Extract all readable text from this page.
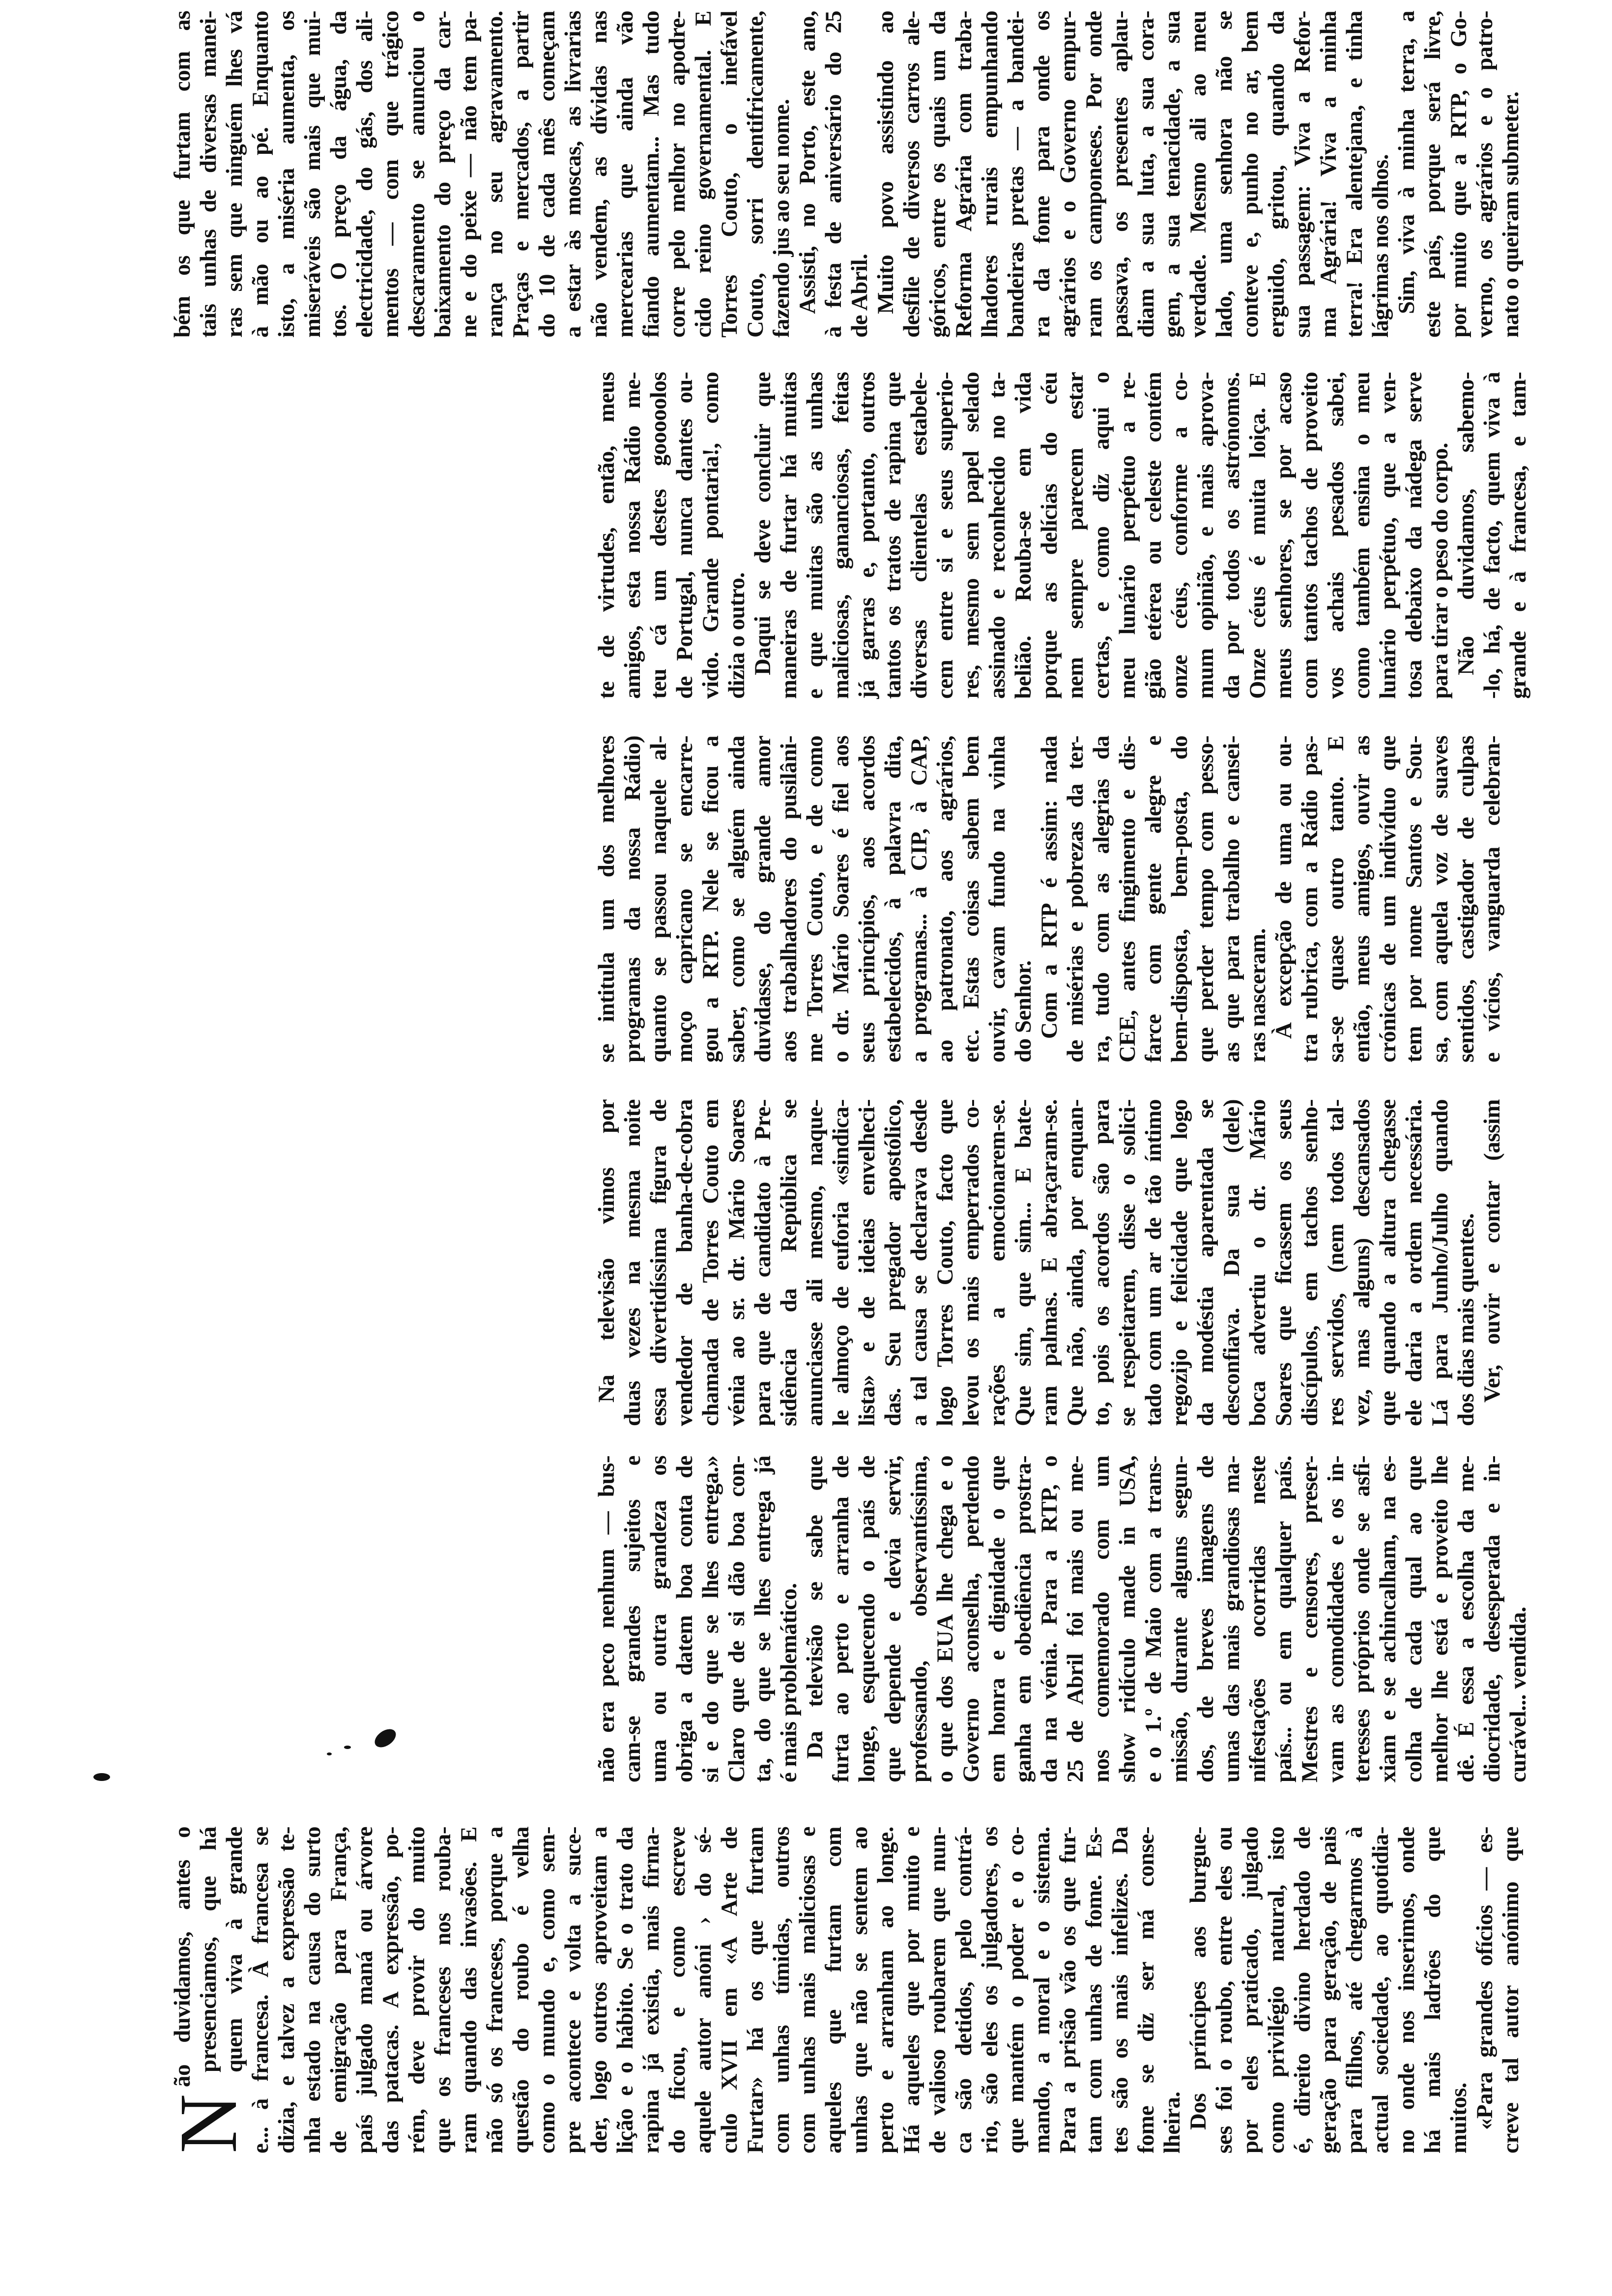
N
ão duvidamos, antes o presenciamos, que há quem viva à grande e... à francesa. À francesa se dizia, e talvez a expressão te- nha estado na causa do surto de emigração para França, país julgado maná ou árvore das patacas. A expressão, po- rém, deve provir do muito que os franceses nos rouba- ram quando das invasões. E não só os franceses, porque a questão do roubo é velha como o mundo e, como sem- pre acontece e volta a suce- der, logo outros aproveitam a lição e o hábito. Se o trato da rapina já existia, mais firma- do ficou, e como escreve aquele autor anóni › do sé- culo XVII em «A Arte de Furtar» há os que furtam com unhas tímidas, outros com unhas mais maliciosas e aqueles que furtam com unhas que não se sentem ao perto e arranham ao longe. Há aqueles que por muito e de valioso roubarem que nun- ca são detidos, pelo contrá- rio, são eles os julgadores, os que mantém o poder e o co- mando, a moral e o sistema. Para a prisão vão os que fur- tam com unhas de fome. Es- tes são os mais infelizes. Da fome se diz ser má conse- lheira. Dos príncipes aos burgue- ses foi o roubo, entre eles ou por eles praticado, julgado como privilégio natural, isto é, direito divino herdado de geração para geração, de pais para filhos, até chegarmos à actual sociedade, ao quotidia- no onde nos inserimos, onde há mais ladrões do que muitos. «Para grandes ofícios — es- creve tal autor anónimo que
não era peco nenhum — bus- cam-se grandes sujeitos e uma ou outra grandeza os obriga a datem boa conta de si e do que se lhes entrega.» Claro que de si dão boa con- ta, do que se lhes entrega já é mais problemático. Da televisão se sabe que furta ao perto e arranha de longe, esquecendo o país de que depende e devia servir, professando, observantíssima, o que dos EUA lhe chega e o Governo aconselha, perdendo em honra e dignidade o que ganha em obediência prostra- da na vénia. Para a RTP, o 25 de Abril foi mais ou me- nos comemorado com um show ridículo made in USA, e o 1.º de Maio com a trans- missão, durante alguns segun- dos, de breves imagens de umas das mais grandiosas ma- nifestações ocorridas neste país... ou em qualquer país. Mestres e censores, preser- vam as comodidades e os in- teresses próprios onde se asfi- xiam e se achincalham, na es- colha de cada qual ao que melhor lhe está e proveito lhe dê. É essa a escolha da me- diocridade, desesperada e in- curável... vendida.
Na televisão vimos por duas vezes na mesma noite essa divertidíssima figura de vendedor de banha-de-cobra chamada de Torres Couto em vénia ao sr. dr. Mário Soares para que de candidato à Pre- sidência da República se anunciasse ali mesmo, naque- le almoço de euforia «sindica- lista» e de ideias envelheci- das. Seu pregador apostólico, a tal causa se declarava desde logo Torres Couto, facto que levou os mais emperrados co- rações a emocionarem-se. Que sim, que sim... E bate- ram palmas. E abraçaram-se. Que não, ainda, por enquan- to, pois os acordos são para se respeitarem, disse o solici- tado com um ar de tão íntimo regozijo e felicidade que logo da modéstia aparentada se desconfiava. Da sua (dele) boca advertiu o dr. Mário Soares que ficassem os seus discípulos, em tachos senho- res servidos, (nem todos tal- vez, mas alguns) descansados que quando a altura chegasse ele daria a ordem necessária. Lá para Junho/Julho quando dos dias mais quentes. Ver, ouvir e contar (assim
se intitula um dos melhores programas da nossa Rádio) quanto se passou naquele al- moço capricano se encarre- gou a RTP. Nele se ficou a saber, como se alguém ainda duvidasse, do grande amor aos trabalhadores do pusilâni- me Torres Couto, e de como o dr. Mário Soares é fiel aos seus princípios, aos acordos estabelecidos, à palavra dita, a programas... à CIP, à CAP, ao patronato, aos agrários, etc. Estas coisas sabem bem ouvir, cavam fundo na vinha do Senhor. Com a RTP é assim: nada de misérias e pobrezas da ter- ra, tudo com as alegrias da CEE, antes fingimento e dis- farce com gente alegre e bem-disposta, bem-posta, do que perder tempo com pesso- as que para trabalho e cansei- ras nasceram. À excepção de uma ou ou- tra rubrica, com a Rádio pas- sa-se quase outro tanto. E então, meus amigos, ouvir as crónicas de um indivíduo que tem por nome Santos e Sou- sa, com aquela voz de suaves sentidos, castigador de culpas e vícios, vanguarda celebran-
te de virtudes, então, meus amigos, esta nossa Rádio me- teu cá um destes gooooolos de Portugal, nunca dantes ou- vido. Grande pontaria!, como dizia o outro. Daqui se deve concluir que maneiras de furtar há muitas e que muitas são as unhas maliciosas, gananciosas, feitas já garras e, portanto, outros tantos os tratos de rapina que diversas clientelas estabele- cem entre si e seus superio- res, mesmo sem papel selado assinado e reconhecido no ta- belião. Rouba-se em vida porque as delícias do céu nem sempre parecem estar certas, e como diz aqui o meu lunário perpétuo a re- gião etérea ou celeste contém onze céus, conforme a co- mum opinião, e mais aprova- da por todos os astrónomos. Onze céus é muita loiça. E meus senhores, se por acaso com tantos tachos de proveito vos achais pesados sabei, como também ensina o meu lunário perpétuo, que a ven- tosa debaixo da nádega serve para tirar o peso do corpo. Não duvidamos, sabemo- -lo, há, de facto, quem viva à grande e à francesa, e tam-
bém os que furtam com as tais unhas de diversas manei- ras sem que ninguém lhes vá à mão ou ao pé. Enquanto isto, a miséria aumenta, os miseráveis são mais que mui- tos. O preço da água, da electricidade, do gás, dos ali- mentos — com que trágico descaramento se anunciou o baixamento do preço da car- ne e do peixe — não tem pa- rança no seu agravamento. Praças e mercados, a partir do 10 de cada mês começam a estar às moscas, as livrarias não vendem, as dívidas nas mercearias que ainda vão fiando aumentam... Mas tudo corre pelo melhor no apodre- cido reino governamental. E Torres Couto, o inefável Couto, sorri dentifricamente, fazendo jus ao seu nome. Assisti, no Porto, este ano, à festa de aniversário do 25 de Abril. Muito povo assistindo ao desfile de diversos carros ale- góricos, entre os quais um da Reforma Agrária com traba- lhadores rurais empunhando bandeiras pretas — a bandei- ra da fome para onde os agrários e o Governo empur- ram os camponeses. Por onde passava, os presentes aplau- diam a sua luta, a sua cora- gem, a sua tenacidade, a sua verdade. Mesmo ali ao meu lado, uma senhora não se conteve e, punho no ar, bem erguido, gritou, quando da sua passagem: Viva a Refor- ma Agrária! Viva a minha terra! Era alentejana, e tinha lágrimas nos olhos. Sim, viva à minha terra, a este país, porque será livre, por muito que a RTP, o Go- verno, os agrários e o patro- nato o queiram submeter.
